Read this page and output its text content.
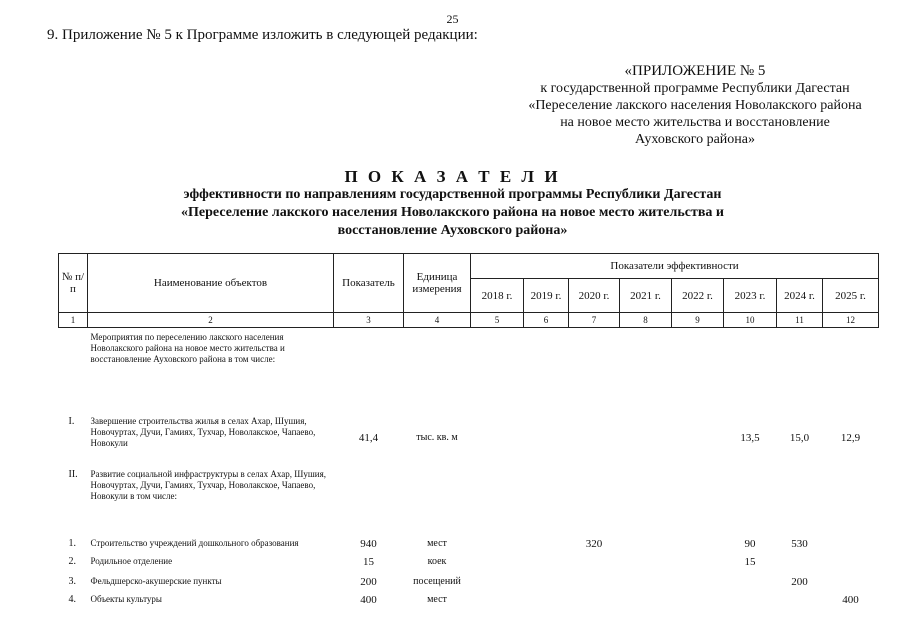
25
9. Приложение № 5 к Программе изложить в следующей редакции:
«ПРИЛОЖЕНИЕ № 5
к государственной программе Республики Дагестан
«Переселение лакского населения Новолакского района
на новое место жительства и восстановление
Ауховского района»
П О К А З А Т Е Л И
эффективности по направлениям государственной программы Республики Дагестан
«Переселение лакского населения Новолакского района на новое место жительства и
восстановление Ауховского района»
№ п/п	Наименование объектов	Показатель	Единица измерения	Показатели эффективности							
				2018 г.	2019 г.	2020 г.	2021 г.	2022 г.	2023 г.	2024 г.	2025 г.
1	2	3	4	5	6	7	8	9	10	11	12
	Мероприятия по переселению лакского населения Новолакского района на новое место жительства и восстановление Ауховского района в том числе:										
I.	Завершение строительства жилья в селах Ахар, Шушия, Новочуртах, Дучи, Гамиях, Тухчар, Новолакское, Чапаево, Новокули	41,4	тыс. кв. м						13,5	15,0	12,9
II.	Развитие социальной инфраструктуры в селах Ахар, Шушия, Новочуртах, Дучи, Гамиях, Тухчар, Новолакское, Чапаево, Новокули в том числе:										
1.	Строительство учреждений дошкольного образования	940	мест			320			90	530	
2.	Родильное отделение	15	коек						15		
3.	Фельдшерско-акушерские пункты	200	посещений							200	
4.	Объекты культуры	400	мест								400
